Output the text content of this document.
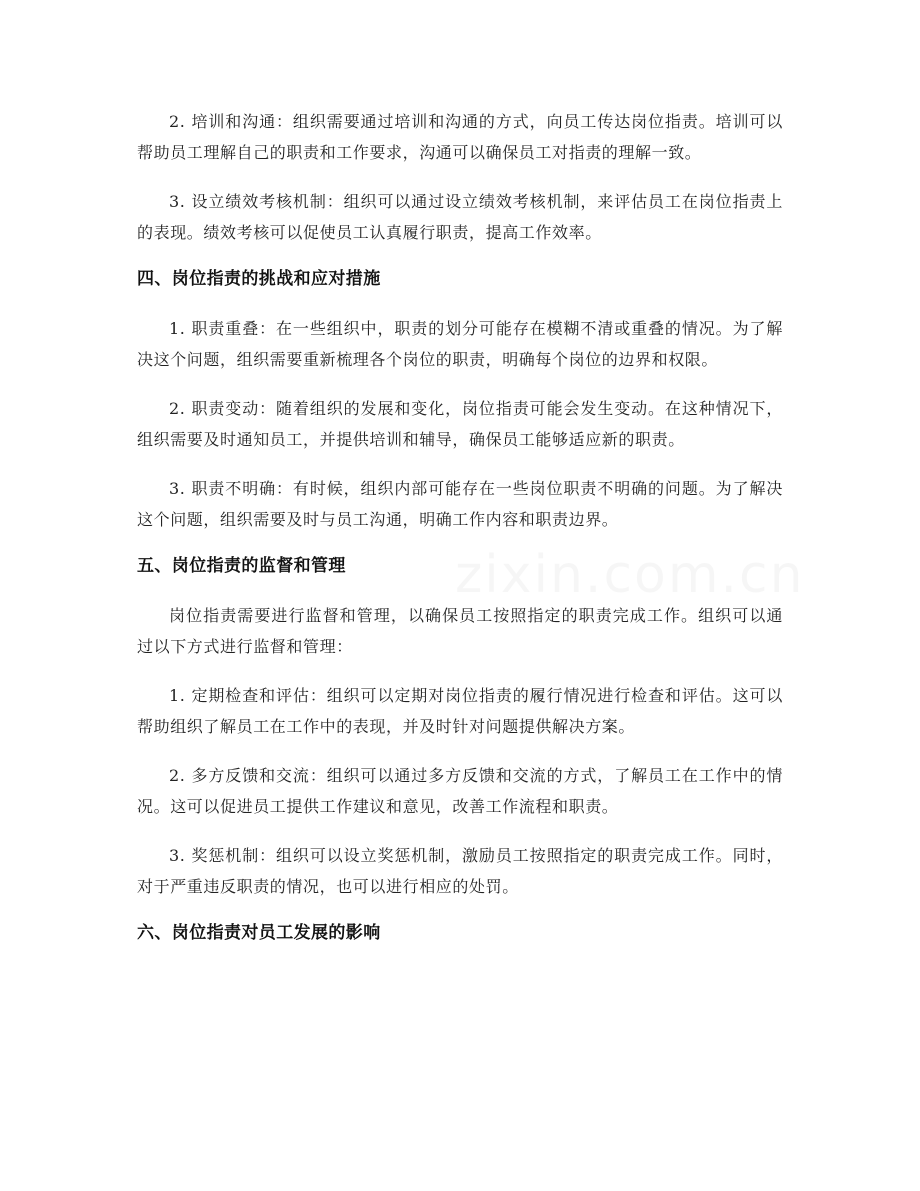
2. 培训和沟通：组织需要通过培训和沟通的方式，向员工传达岗位指责。培训可以帮助员工理解自己的职责和工作要求，沟通可以确保员工对指责的理解一致。

3. 设立绩效考核机制：组织可以通过设立绩效考核机制，来评估员工在岗位指责上的表现。绩效考核可以促使员工认真履行职责，提高工作效率。

四、岗位指责的挑战和应对措施

1. 职责重叠：在一些组织中，职责的划分可能存在模糊不清或重叠的情况。为了解决这个问题，组织需要重新梳理各个岗位的职责，明确每个岗位的边界和权限。

2. 职责变动：随着组织的发展和变化，岗位指责可能会发生变动。在这种情况下，组织需要及时通知员工，并提供培训和辅导，确保员工能够适应新的职责。

3. 职责不明确：有时候，组织内部可能存在一些岗位职责不明确的问题。为了解决这个问题，组织需要及时与员工沟通，明确工作内容和职责边界。

五、岗位指责的监督和管理

岗位指责需要进行监督和管理，以确保员工按照指定的职责完成工作。组织可以通过以下方式进行监督和管理：

1. 定期检查和评估：组织可以定期对岗位指责的履行情况进行检查和评估。这可以帮助组织了解员工在工作中的表现，并及时针对问题提供解决方案。

2. 多方反馈和交流：组织可以通过多方反馈和交流的方式，了解员工在工作中的情况。这可以促进员工提供工作建议和意见，改善工作流程和职责。

3. 奖惩机制：组织可以设立奖惩机制，激励员工按照指定的职责完成工作。同时，对于严重违反职责的情况，也可以进行相应的处罚。

六、岗位指责对员工发展的影响
